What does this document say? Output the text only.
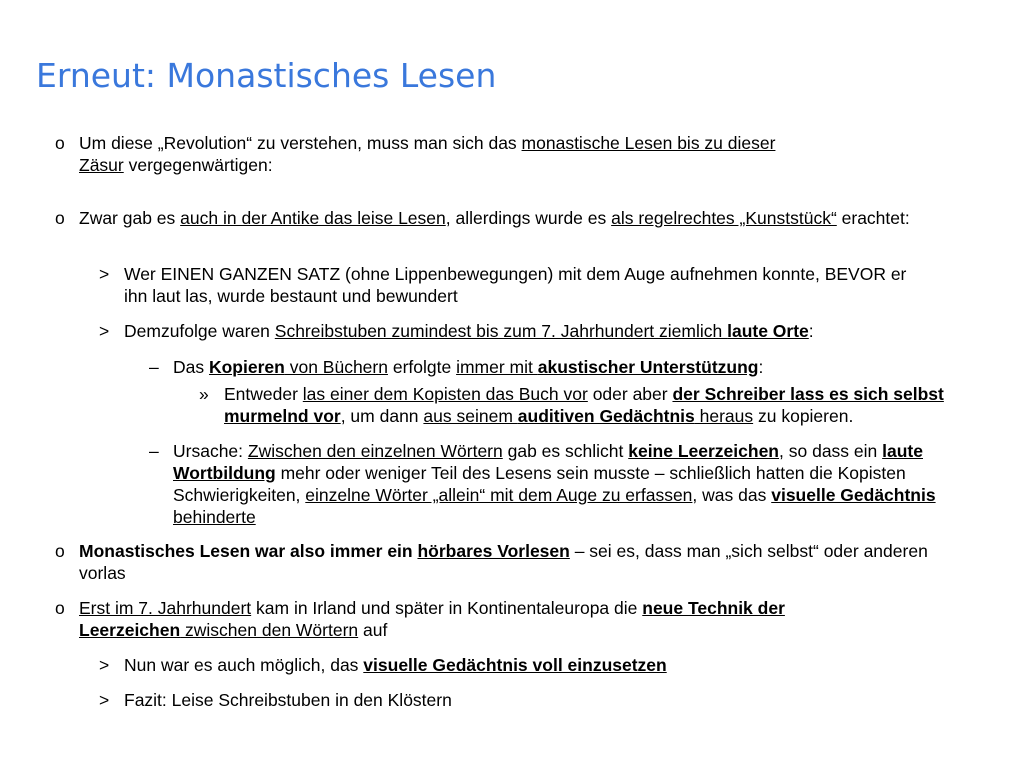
Erneut: Monastisches Lesen
o Um diese „Revolution“ zu verstehen, muss man sich das monastische Lesen bis zu dieser Zäsur vergegenwärtigen:
o Zwar gab es auch in der Antike das leise Lesen, allerdings wurde es als regelrechtes „Kunststück“ erachtet:
> Wer EINEN GANZEN SATZ (ohne Lippenbewegungen) mit dem Auge aufnehmen konnte, BEVOR er ihn laut las, wurde bestaunt und bewundert
> Demzufolge waren Schreibstuben zumindest bis zum 7. Jahrhundert ziemlich laute Orte:
– Das Kopieren von Büchern erfolgte immer mit akustischer Unterstützung:
» Entweder las einer dem Kopisten das Buch vor oder aber der Schreiber lass es sich selbst murmelnd vor, um dann aus seinem auditiven Gedächtnis heraus zu kopieren.
– Ursache: Zwischen den einzelnen Wörtern gab es schlicht keine Leerzeichen, so dass ein laute Wortbildung mehr oder weniger Teil des Lesens sein musste – schließlich hatten die Kopisten Schwierigkeiten, einzelne Wörter „allein“ mit dem Auge zu erfassen, was das visuelle Gedächtnis behinderte
o Monastisches Lesen war also immer ein hörbares Vorlesen – sei es, dass man „sich selbst“ oder anderen vorlas
o Erst im 7. Jahrhundert kam in Irland und später in Kontinentaleuropa die neue Technik der Leerzeichen zwischen den Wörtern auf
> Nun war es auch möglich, das visuelle Gedächtnis voll einzusetzen
> Fazit: Leise Schreibstuben in den Klöstern
